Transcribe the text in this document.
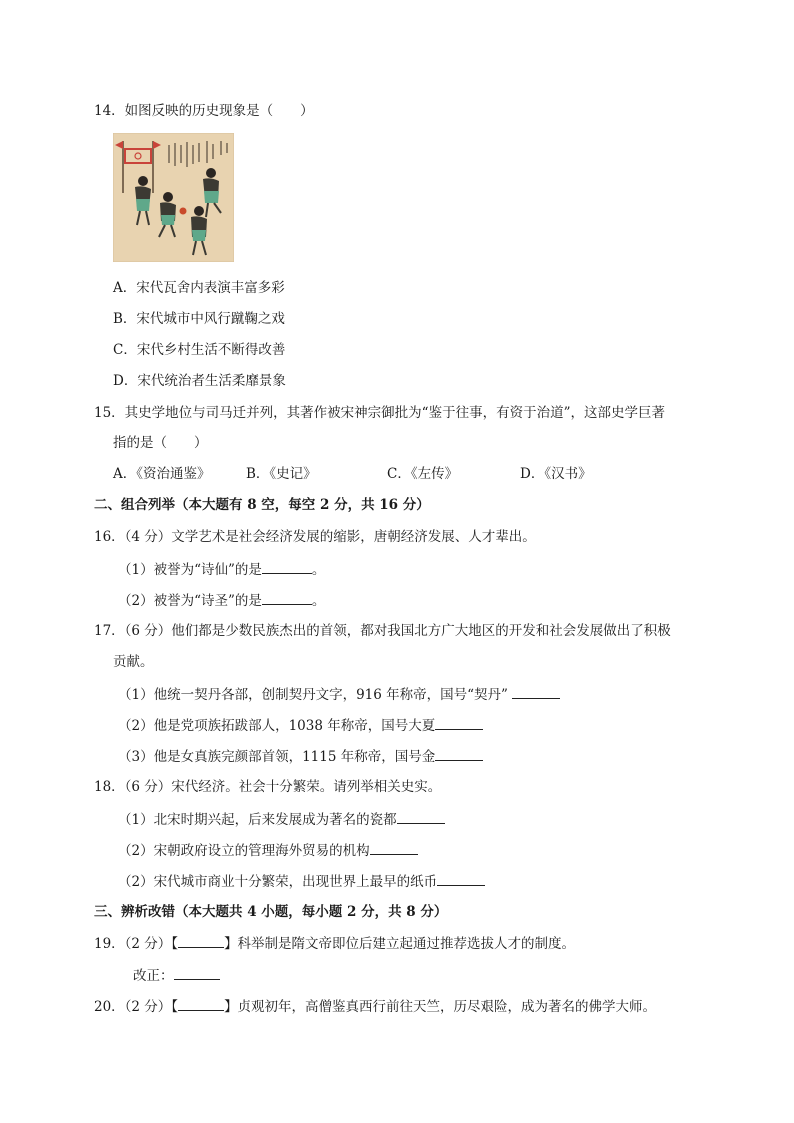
14．如图反映的历史现象是（　　）
A．宋代瓦舍内表演丰富多彩
B．宋代城市中风行蹴鞠之戏
C．宋代乡村生活不断得改善
D．宋代统治者生活柔靡景象
15．其史学地位与司马迁并列，其著作被宋神宗御批为“鉴于往事，有资于治道”，这部史学巨著
指的是（　　）
A．《资治通鉴》	B．《史记》	C．《左传》	D．《汉书》
二、组合列举（本大题有 8 空，每空 2 分，共 16 分）
16．（4 分）文学艺术是社会经济发展的缩影，唐朝经济发展、人才辈出。
（1）被誉为“诗仙”的是	。
（2）被誉为“诗圣”的是	。
17．（6 分）他们都是少数民族杰出的首领，都对我国北方广大地区的开发和社会发展做出了积极
贡献。
（1）他统一契丹各部，创制契丹文字，916 年称帝，国号“契丹”
（2）他是党项族拓跋部人，1038 年称帝，国号大夏
（3）他是女真族完颜部首领，1115 年称帝，国号金
18．（6 分）宋代经济。社会十分繁荣。请列举相关史实。
（1）北宋时期兴起，后来发展成为著名的瓷都
（2）宋朝政府设立的管理海外贸易的机构
（2）宋代城市商业十分繁荣，出现世界上最早的纸币
三、辨析改错（本大题共 4 小题，每小题 2 分，共 8 分）
19．（2 分）【	】科举制是隋文帝即位后建立起通过推荐选拔人才的制度。
改正：
20．（2 分）【	】贞观初年，高僧鉴真西行前往天竺，历尽艰险，成为著名的佛学大师。
